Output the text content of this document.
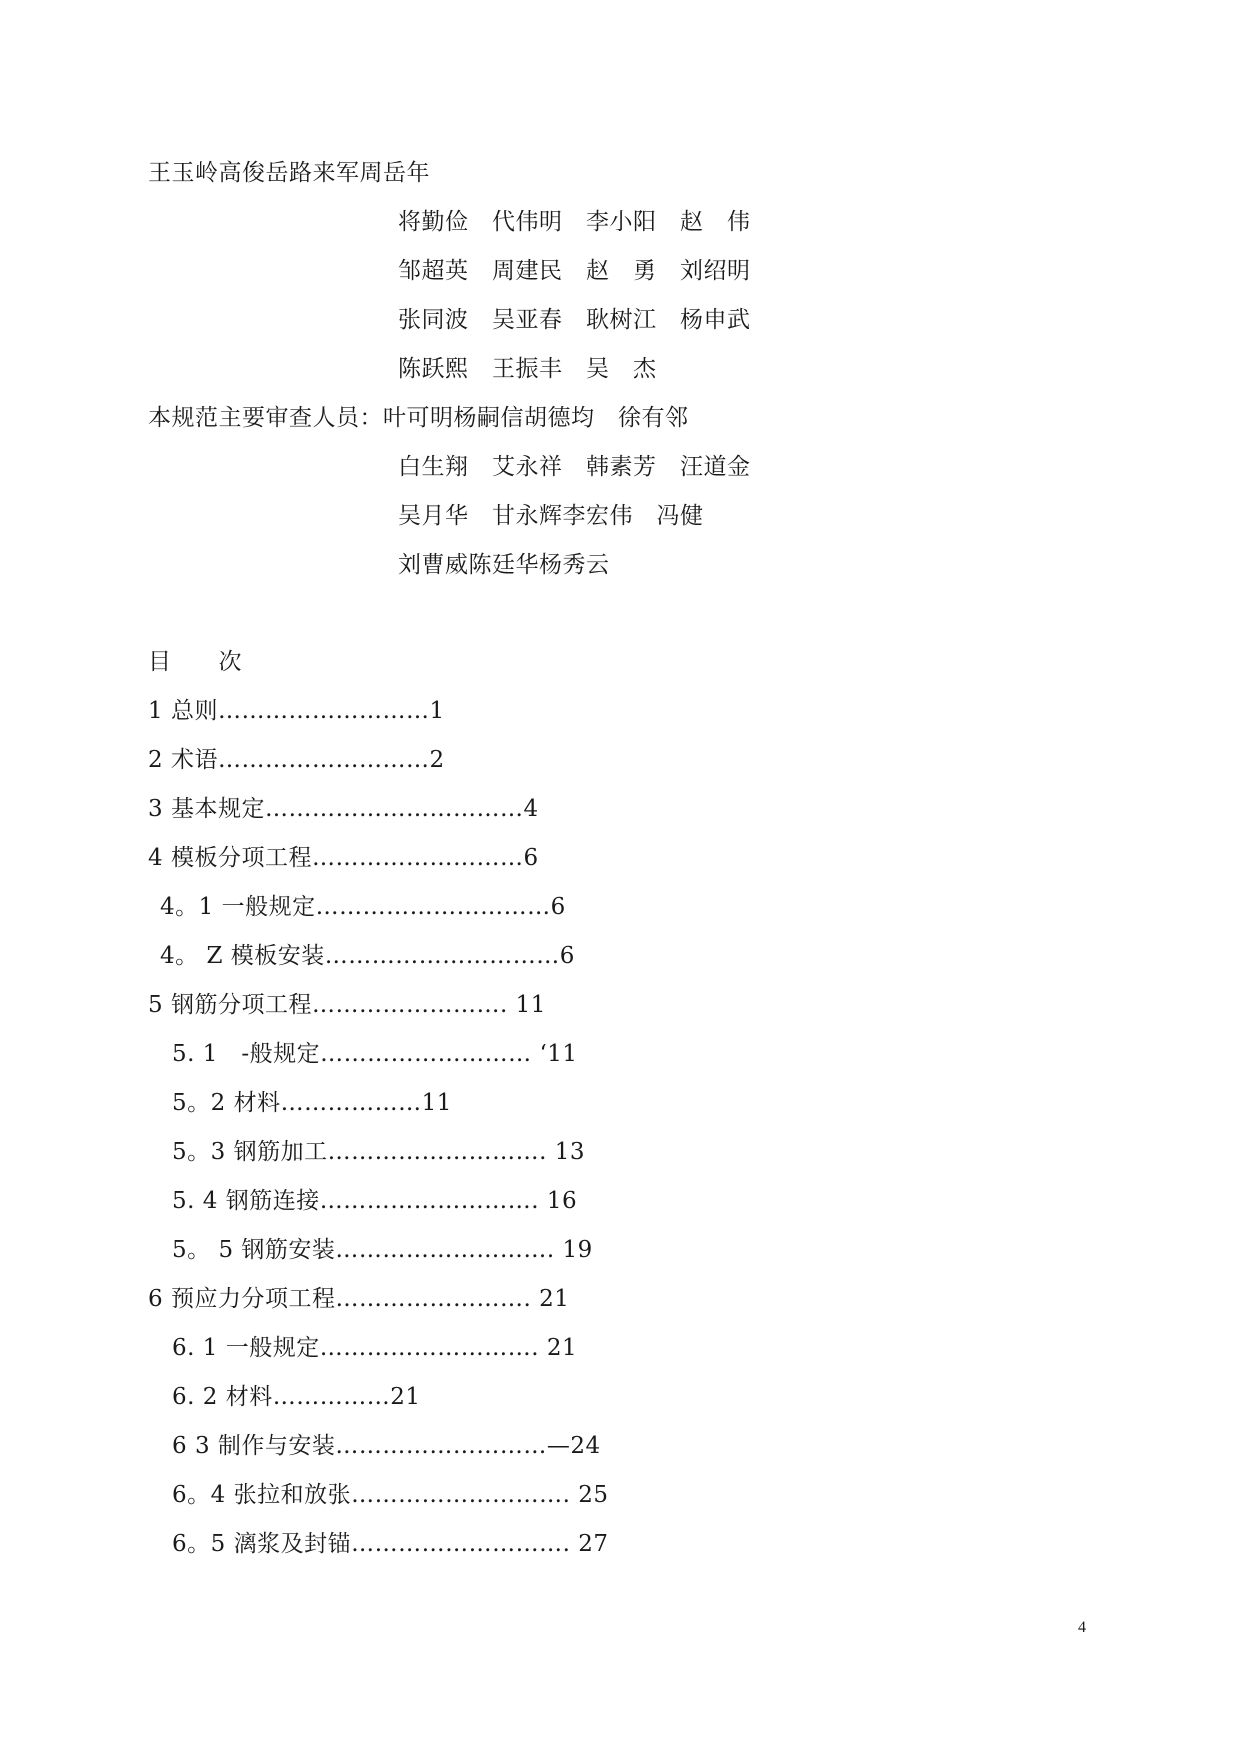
王玉岭高俊岳路来军周岳年
将勤俭　代伟明　李小阳　赵　伟
邹超英　周建民　赵　勇　刘绍明
张同波　吴亚春　耿树江　杨申武
陈跃熙　王振丰　吴　杰
本规范主要审查人员：叶可明杨嗣信胡德均　徐有邻
白生翔　艾永祥　韩素芳　汪道金
吴月华　甘永辉李宏伟　冯健
刘曹威陈廷华杨秀云
目　　次
1 总则………………………1
2 术语………………………2
3 基本规定……………………………4
4 模板分项工程………………………6
4。1 一般规定…………………………6
4。 Z 模板安装…………………………6
5 钢筋分项工程……………………. 11
5. 1　-般规定……………………… ‘11
5。2 材料………………11
5。3 钢筋加工………………………. 13
5. 4 钢筋连接………………………. 16
5。 5 钢筋安装………………………. 19
6 预应力分项工程……………………. 21
6. 1 一般规定………………………. 21
6. 2 材料……………21
6 3 制作与安装………………………—24
6。4 张拉和放张………………………. 25
6。5 漓浆及封锚………………………. 27
4
